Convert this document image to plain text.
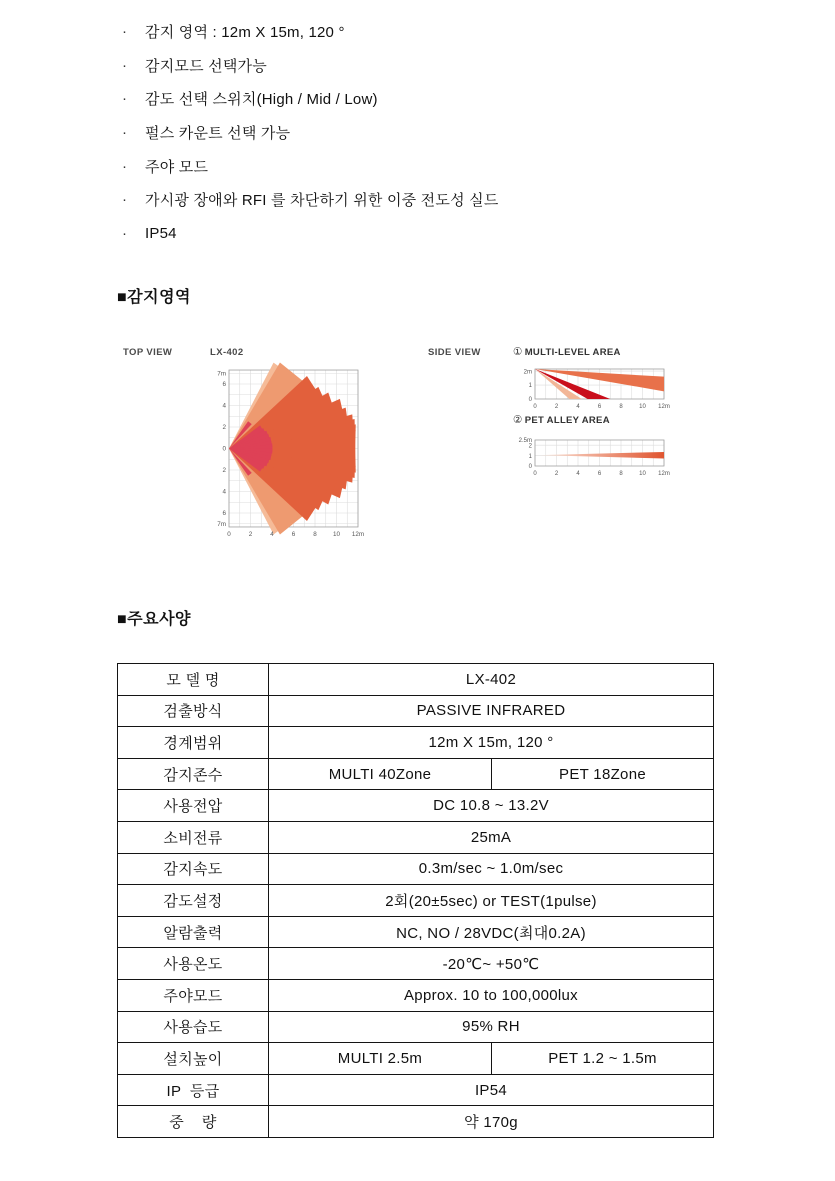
·	감지 영역 : 12m X 15m, 120 °
·	감지모드 선택가능
·	감도 선택 스위치(High / Mid / Low)
·	펄스 카운트 선택 가능
·	주야 모드
·	가시광 장애와 RFI 를 차단하기 위한 이중 전도성 실드
·	IP54
■감지영역
TOP VIEW	LX-402	SIDE VIEW	① MULTI-LEVEL AREA
② PET ALLEY AREA
7m
6
4
2
0
2
4
6
7m
0	2	4	6	8	10 12m
2m
1
0
0	2	4	6	8	10 12m
2.5m
2
1
0
0	2	4	6	8	10 12m
■주요사양
모 델 명	LX-402	
검출방식	PASSIVE INFRARED	
경계범위	12m X 15m, 120 °	
감지존수	MULTI 40Zone	PET 18Zone
사용전압	DC 10.8 ~ 13.2V	
소비전류	25mA	
감지속도	0.3m/sec ~ 1.0m/sec	
감도설정	2회(20±5sec) or TEST(1pulse)	
알람출력	NC, NO / 28VDC(최대0.2A)	
사용온도	-20℃~ +50℃	
주야모드	Approx. 10 to 100,000lux	
사용습도	95% RH	
설치높이	MULTI 2.5m	PET 1.2 ~ 1.5m
IP  등급	IP54	
중    량	약 170g	
